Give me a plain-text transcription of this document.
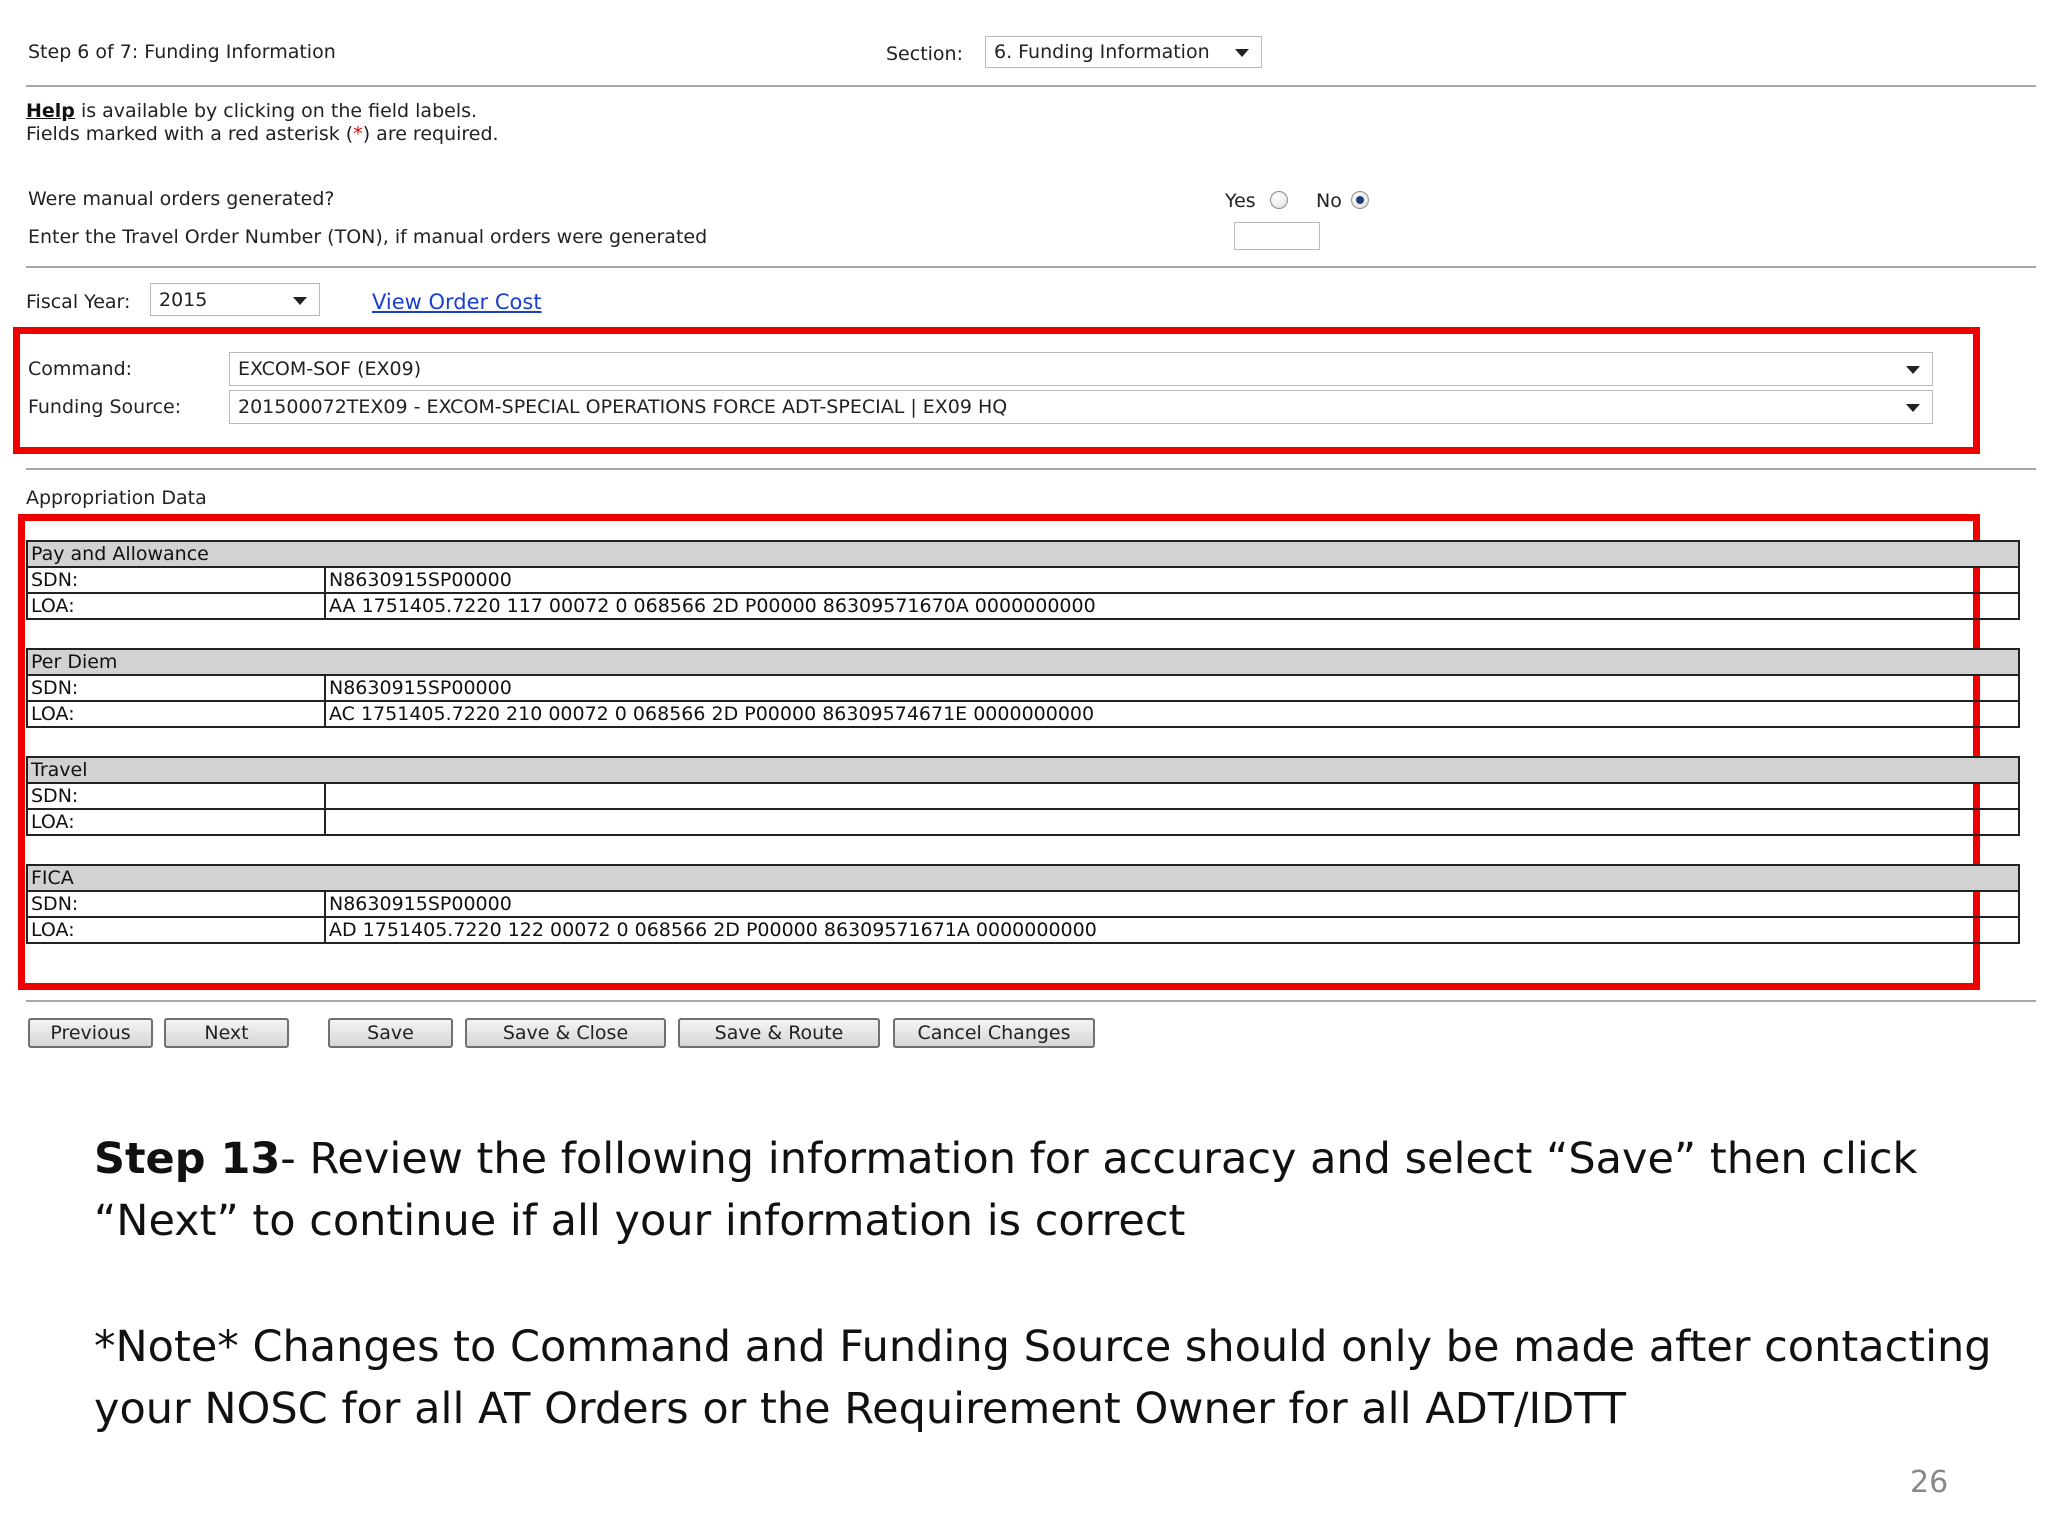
Step 6 of 7: Funding Information	Section: 6. Funding Information
Help is available by clicking on the field labels.
Fields marked with a red asterisk (*) are required.
Were manual orders generated?	Yes	No
Enter the Travel Order Number (TON), if manual orders were generated
Fiscal Year: 2015	View Order Cost
Command:	EXCOM-SOF (EX09)
Funding Source:	201500072TEX09 - EXCOM-SPECIAL OPERATIONS FORCE ADT-SPECIAL | EX09 HQ
Appropriation Data
Pay and Allowance	
SDN:	N8630915SP00000
LOA:	AA 1751405.7220 117 00072 0 068566 2D P00000 86309571670A 0000000000
Per Diem	
SDN:	N8630915SP00000
LOA:	AC 1751405.7220 210 00072 0 068566 2D P00000 86309574671E 0000000000
Travel	
SDN:	
LOA:	
FICA	
SDN:	N8630915SP00000
LOA:	AD 1751405.7220 122 00072 0 068566 2D P00000 86309571671A 0000000000
Previous	Next	Save	Save & Close	Save & Route	Cancel Changes
Step 13- Review the following information for accuracy and select “Save” then click
“Next” to continue if all your information is correct
*Note* Changes to Command and Funding Source should only be made after contacting
your NOSC for all AT Orders or the Requirement Owner for all ADT/IDTT
26
